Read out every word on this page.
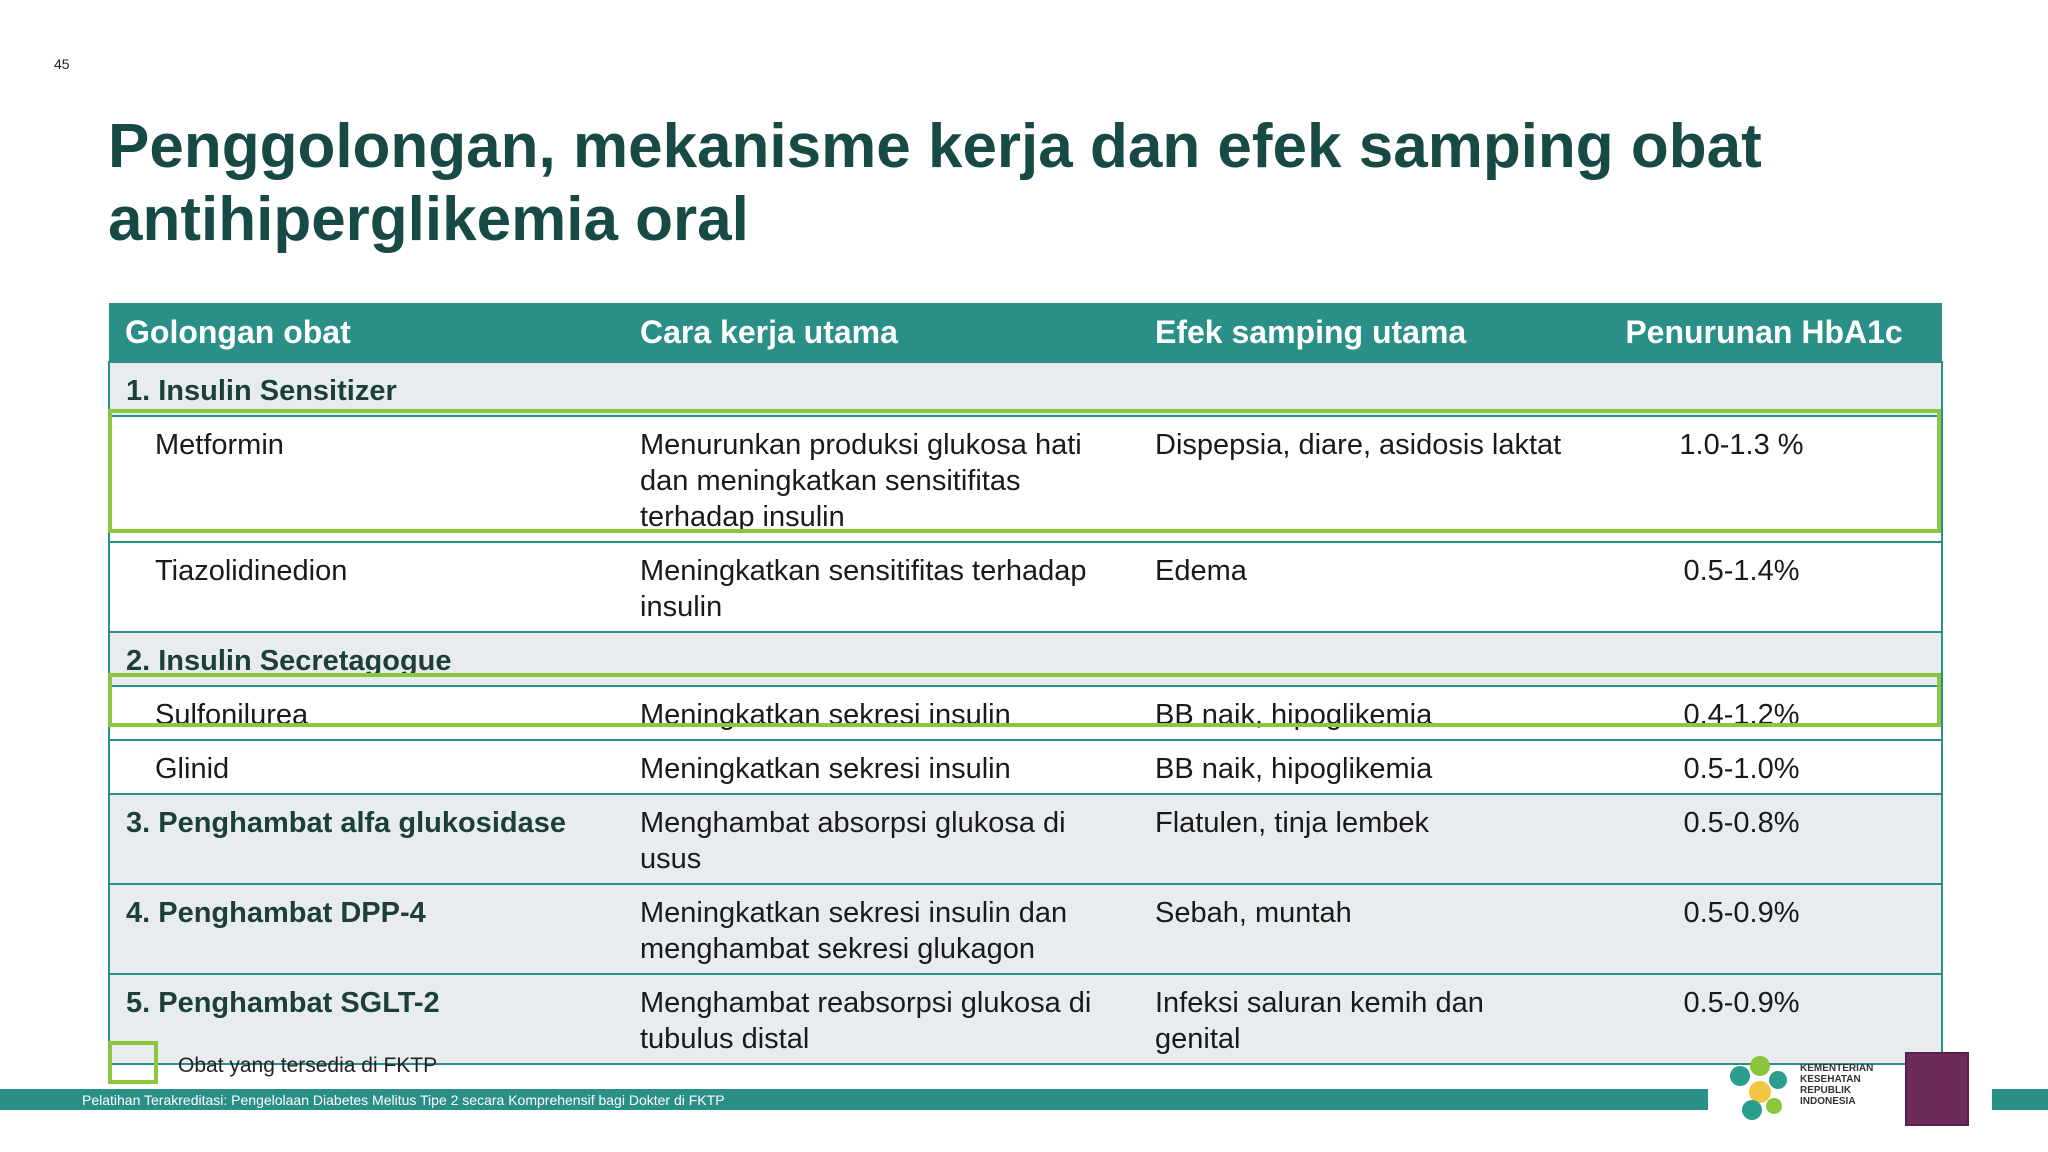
45
Penggolongan, mekanisme kerja dan efek samping obat antihiperglikemia oral
Golongan obat	Cara kerja utama	Efek samping utama	Penurunan HbA1c
1. Insulin Sensitizer			
Metformin	Menurunkan produksi glukosa hati dan meningkatkan sensitifitas terhadap insulin	Dispepsia, diare, asidosis laktat	1.0-1.3 %
Tiazolidinedion	Meningkatkan sensitifitas terhadap insulin	Edema	0.5-1.4%
2. Insulin Secretagogue			
Sulfonilurea	Meningkatkan sekresi insulin	BB naik, hipoglikemia	0.4-1.2%
Glinid	Meningkatkan sekresi insulin	BB naik, hipoglikemia	0.5-1.0%
3. Penghambat alfa glukosidase	Menghambat absorpsi glukosa di usus	Flatulen, tinja lembek	0.5-0.8%
4. Penghambat DPP-4	Meningkatkan sekresi insulin dan menghambat sekresi glukagon	Sebah, muntah	0.5-0.9%
5. Penghambat SGLT-2	Menghambat reabsorpsi glukosa di tubulus distal	Infeksi saluran kemih dan genital	0.5-0.9%
Obat yang tersedia di FKTP
Pelatihan Terakreditasi: Pengelolaan Diabetes Melitus Tipe 2 secara Komprehensif bagi Dokter di FKTP
KEMENTERIAN
KESEHATAN
REPUBLIK
INDONESIA
